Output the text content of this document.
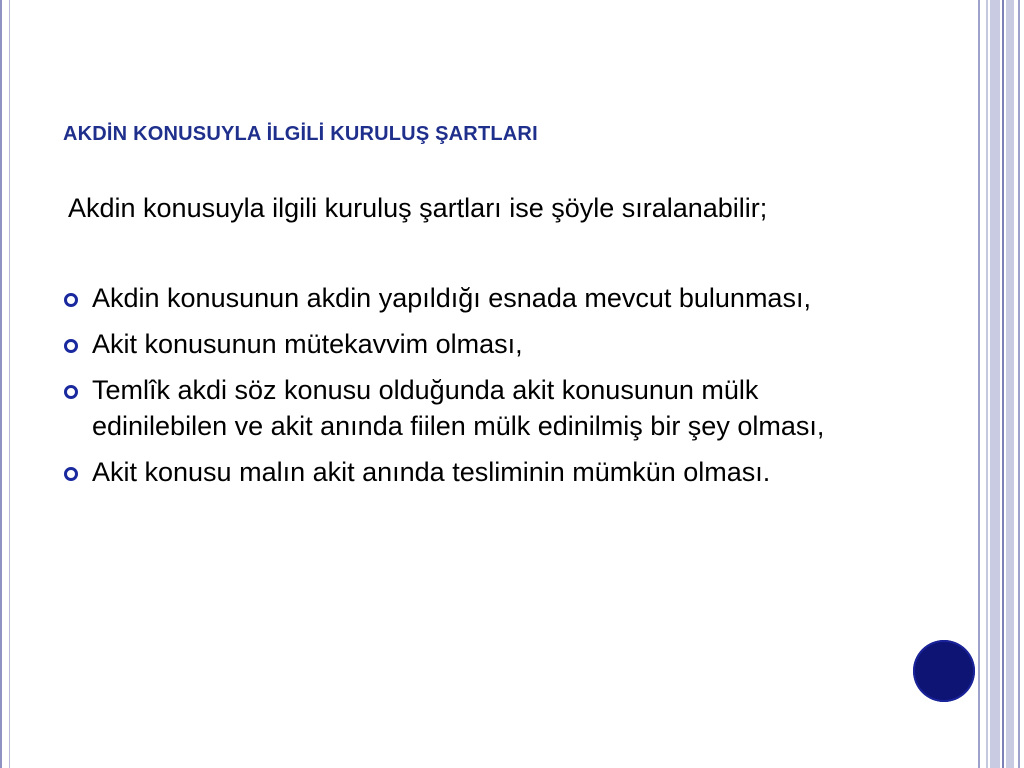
AKDİN KONUSUYLA İLGİLİ KURULUŞ ŞARTLARI

Akdin konusuyla ilgili kuruluş şartları ise şöyle sıralanabilir;

Akdin konusunun akdin yapıldığı esnada mevcut bulunması,
Akit konusunun mütekavvim olması,
Temlîk akdi söz konusu olduğunda akit konusunun mülk edinilebilen ve akit anında fiilen mülk edinilmiş bir şey olması,
Akit konusu malın akit anında tesliminin mümkün olması.
